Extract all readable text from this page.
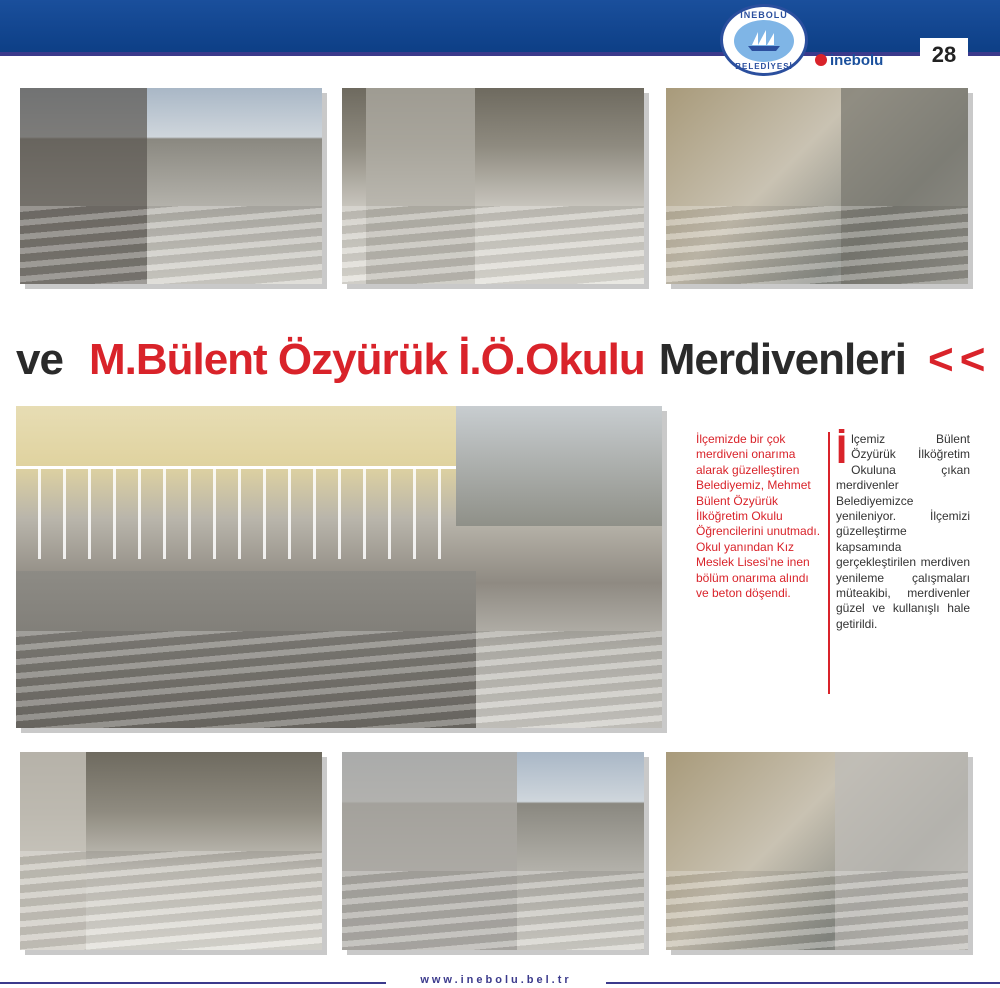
İNEBOLU
BELEDİYESİ inebolu	28
ve M.Bülent Özyürük İ.Ö.Okulu Merdivenleri <<
İlçemizde bir çok merdiveni onarıma alarak güzelleştiren Belediyemiz, Mehmet Bülent Özyürük İlköğretim Okulu Öğrencilerini unutmadı. Okul yanından Kız Meslek Lisesi'ne inen bölüm onarıma alındı ve beton döşendi.
İ lçemiz Bülent Özyürük İlköğretim Okuluna çıkan merdivenler Belediyemizce yenileniyor. İlçemizi güzelleştirme kapsamında gerçekleştirilen merdiven yenileme çalışmaları müteakibi, merdivenler güzel ve kullanışlı hale getirildi.
www.inebolu.bel.tr
